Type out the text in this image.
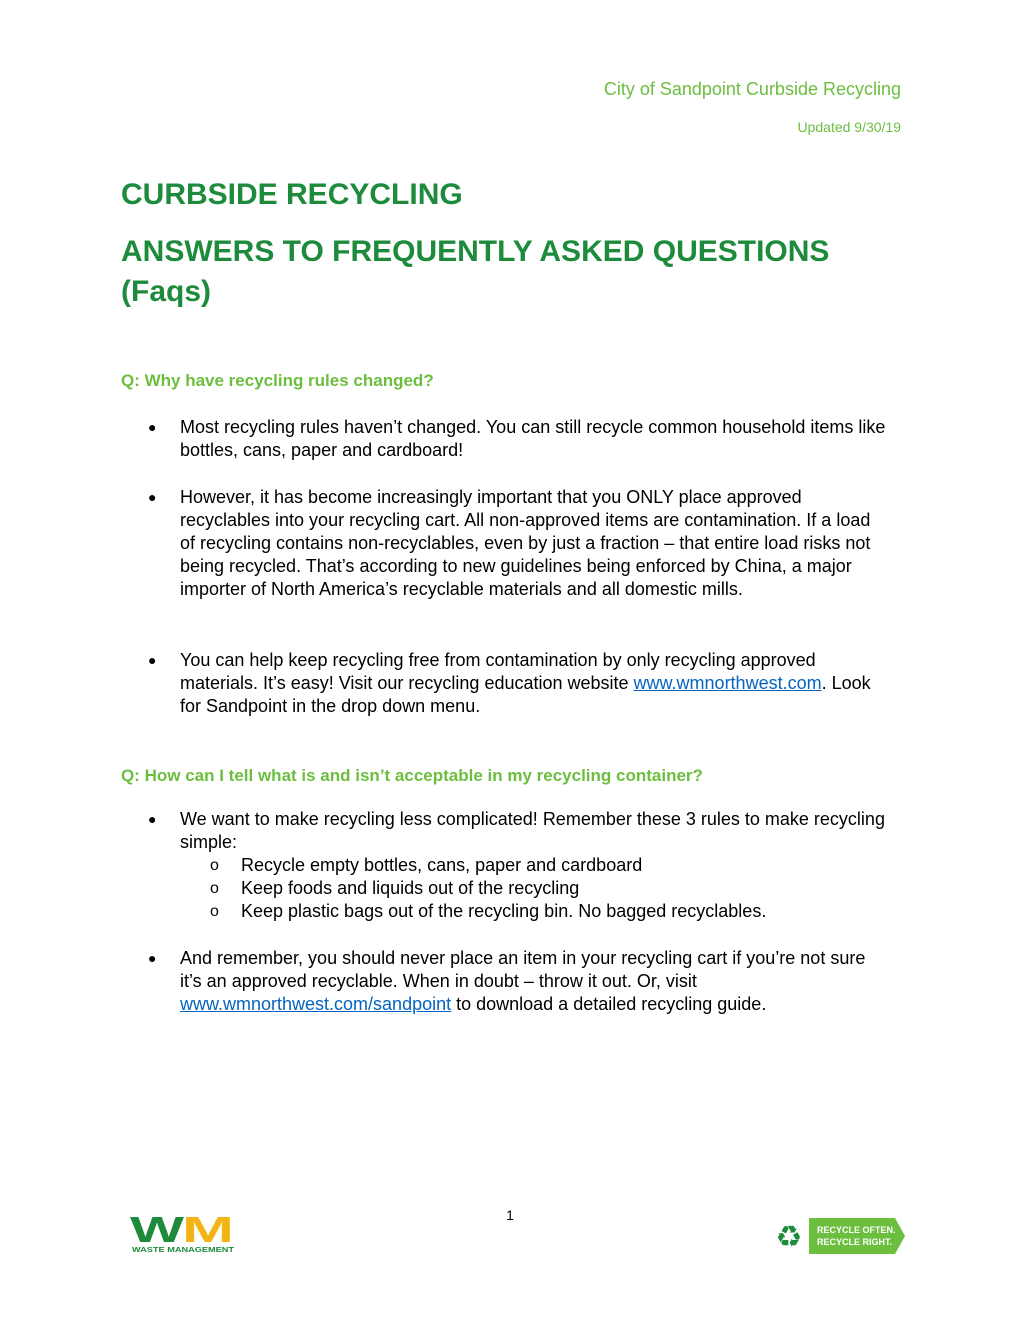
City of Sandpoint Curbside Recycling
Updated 9/30/19
CURBSIDE RECYCLING
ANSWERS TO FREQUENTLY ASKED QUESTIONS (Faqs)
Q: Why have recycling rules changed?
● Most recycling rules haven’t changed. You can still recycle common household items like bottles, cans, paper and cardboard!
● However, it has become increasingly important that you ONLY place approved recyclables into your recycling cart. All non-approved items are contamination. If a load of recycling contains non-recyclables, even by just a fraction – that entire load risks not being recycled. That’s according to new guidelines being enforced by China, a major importer of North America’s recyclable materials and all domestic mills.
● You can help keep recycling free from contamination by only recycling approved materials. It’s easy! Visit our recycling education website www.wmnorthwest.com. Look for Sandpoint in the drop down menu.
Q: How can I tell what is and isn’t acceptable in my recycling container?
● We want to make recycling less complicated! Remember these 3 rules to make recycling simple:
o Recycle empty bottles, cans, paper and cardboard
o Keep foods and liquids out of the recycling
o Keep plastic bags out of the recycling bin. No bagged recyclables.
● And remember, you should never place an item in your recycling cart if you’re not sure it’s an approved recyclable. When in doubt – throw it out. Or, visit www.wmnorthwest.com/sandpoint to download a detailed recycling guide.
1
W
M
WASTE MANAGEMENT	♻ RECYCLE OFTEN.
RECYCLE RIGHT.
